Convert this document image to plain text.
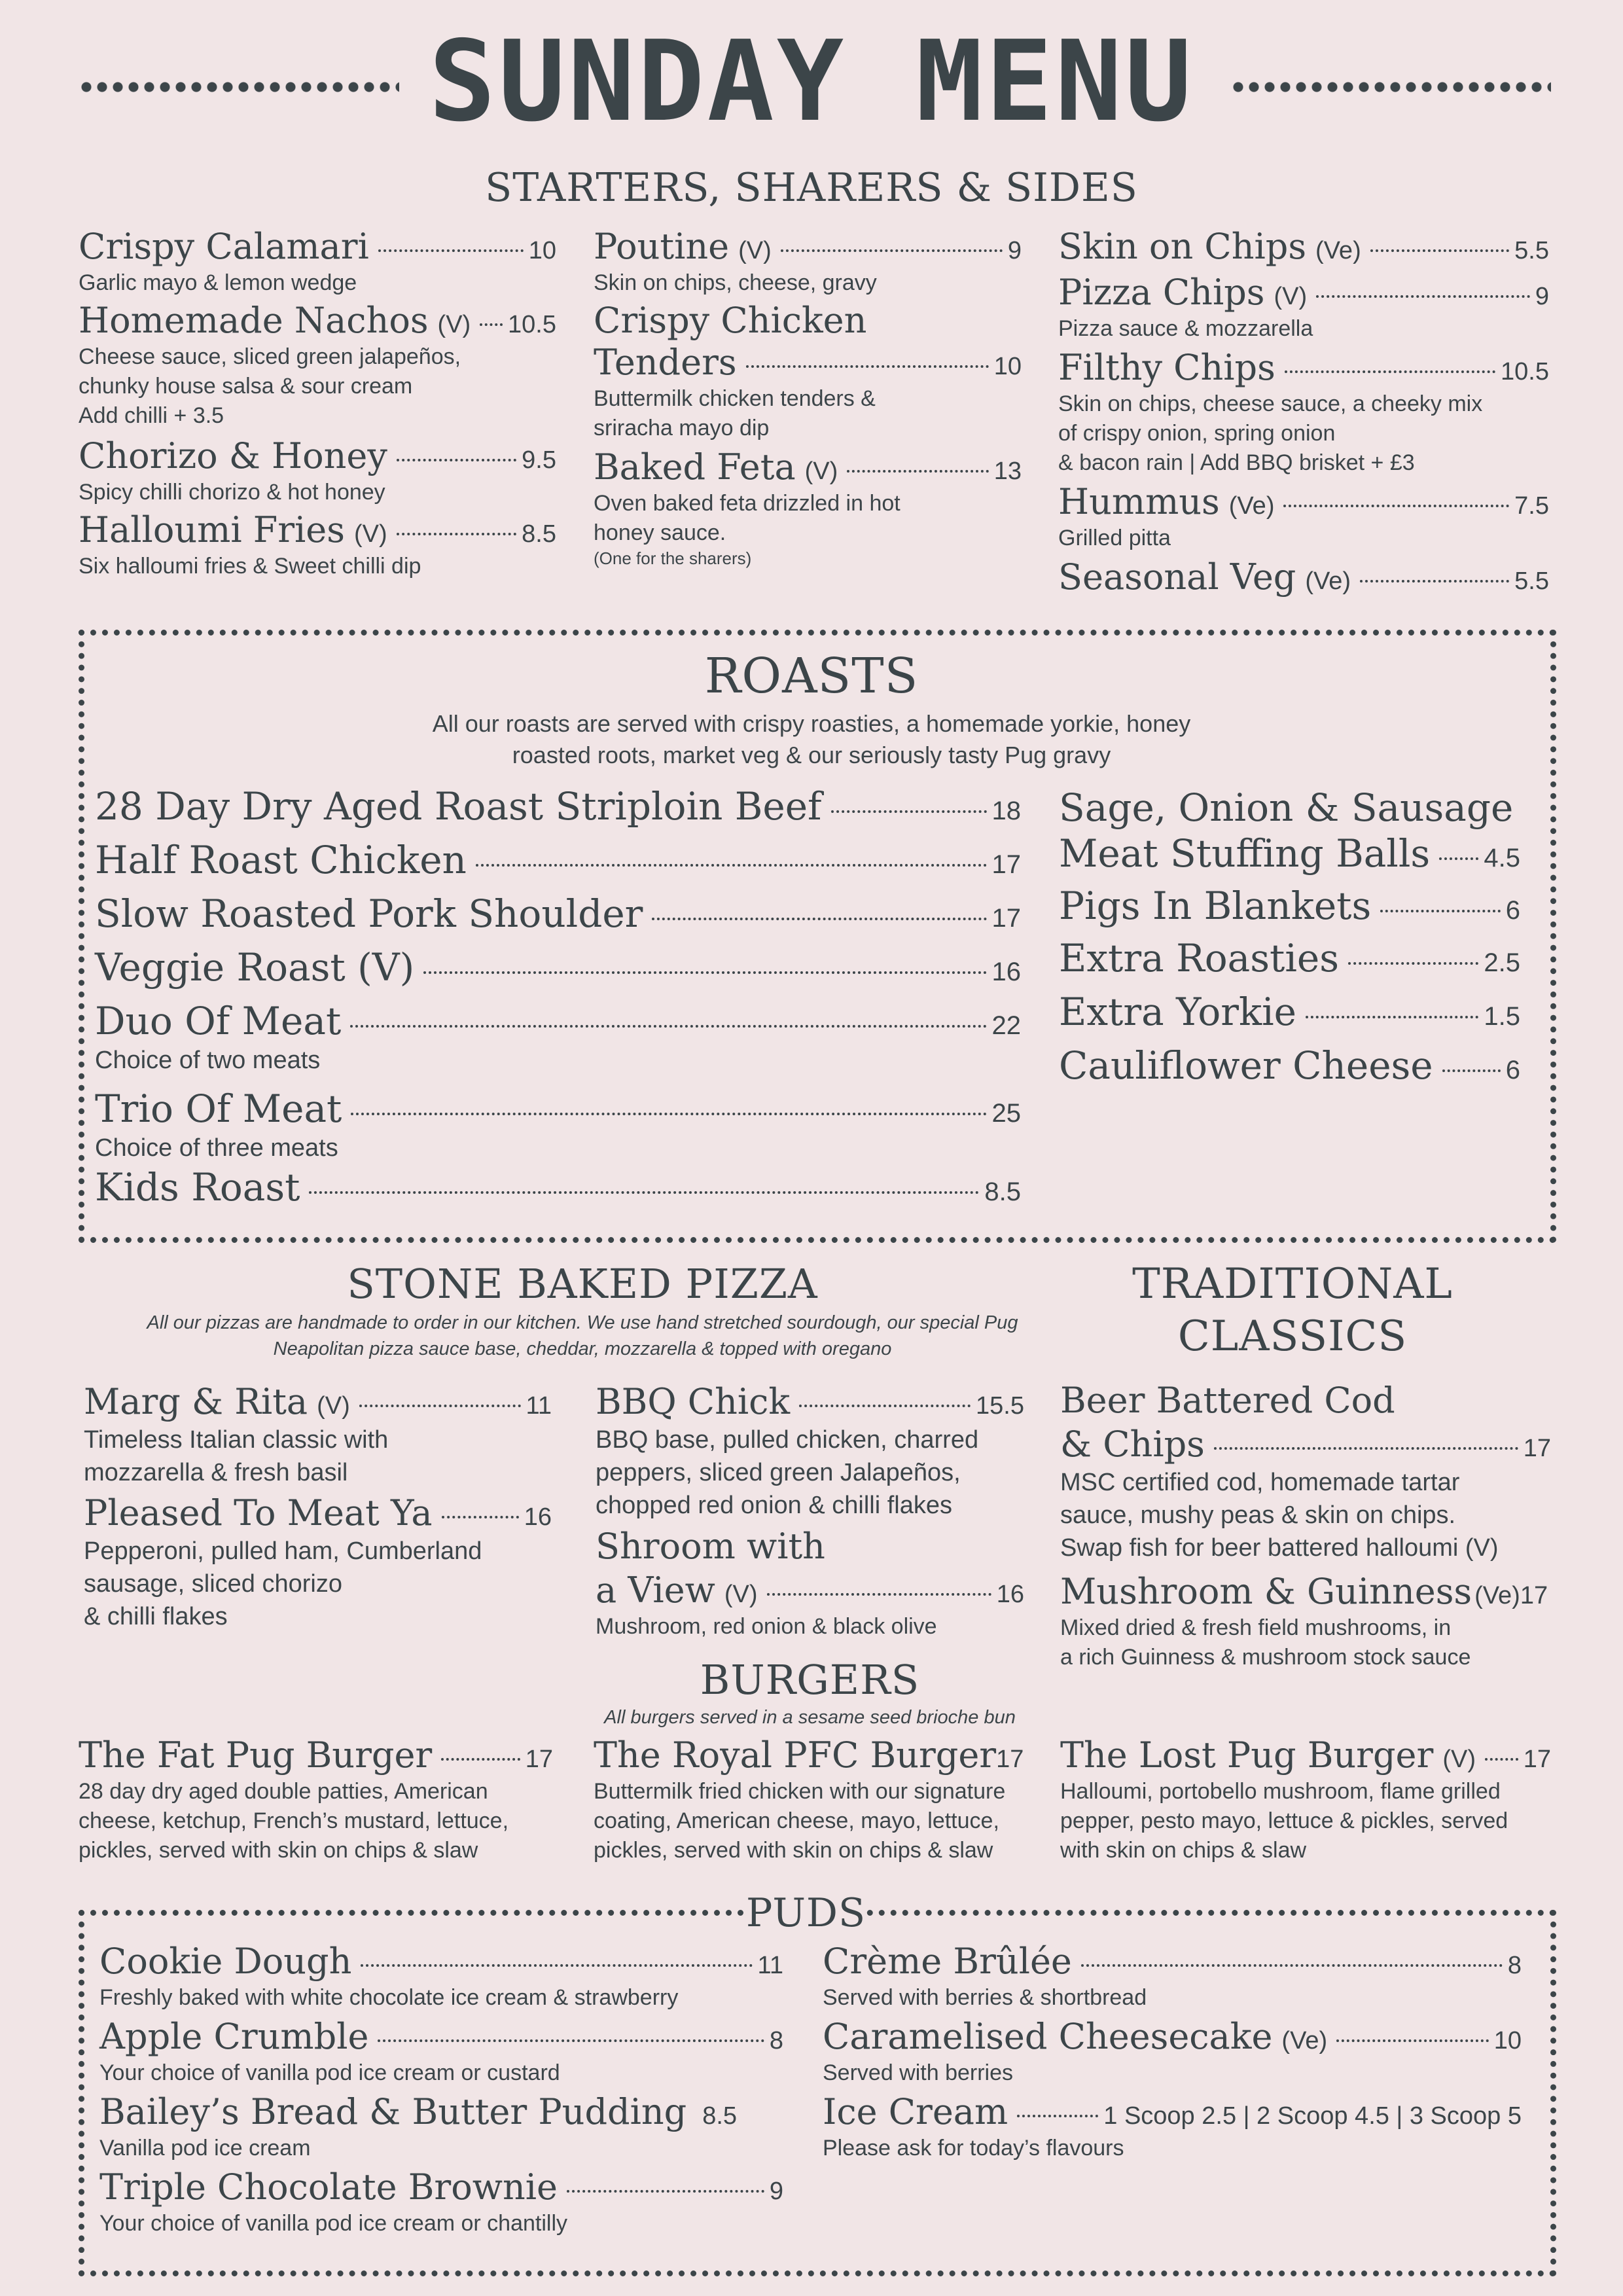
SUNDAY MENU
STARTERS, SHARERS & SIDES
Crispy Calamari	10
Garlic mayo & lemon wedge
Homemade Nachos (V) 10.5
Cheese sauce, sliced green jalapeños,
chunky house salsa & sour cream
Add chilli + 3.5
Chorizo & Honey	9.5
Spicy chilli chorizo & hot honey
Halloumi Fries (V)	8.5
Six halloumi fries & Sweet chilli dip
Poutine (V)	9
Skin on chips, cheese, gravy
Crispy Chicken
Tenders	10
Buttermilk chicken tenders &
sriracha mayo dip
Baked Feta (V)	13
Oven baked feta drizzled in hot
honey sauce.
(One for the sharers)
Skin on Chips (Ve)	5.5
Pizza Chips (V)	9
Pizza sauce & mozzarella
Filthy Chips	10.5
Skin on chips, cheese sauce, a cheeky mix
of crispy onion, spring onion
& bacon rain | Add BBQ brisket + £3
Hummus (Ve)	7.5
Grilled pitta
Seasonal Veg (Ve)	5.5
ROASTS
All our roasts are served with crispy roasties, a homemade yorkie, honey
roasted roots, market veg & our seriously tasty Pug gravy
28 Day Dry Aged Roast Striploin Beef	18
Half Roast Chicken	17
Slow Roasted Pork Shoulder	17
Veggie Roast (V)	16
Duo Of Meat	22
Choice of two meats
Trio Of Meat	25
Choice of three meats
Kids Roast	8.5
Sage, Onion & Sausage
Meat Stuffing Balls 4.5
Pigs In Blankets	6
Extra Roasties	2.5
Extra Yorkie	1.5
Cauliflower Cheese	6
STONE BAKED PIZZA
All our pizzas are handmade to order in our kitchen. We use hand stretched sourdough, our special Pug
Neapolitan pizza sauce base, cheddar, mozzarella & topped with oregano
Marg & Rita (V)	11
Timeless Italian classic with
mozzarella & fresh basil
Pleased To Meat Ya	16
Pepperoni, pulled ham, Cumberland
sausage, sliced chorizo
& chilli flakes
BBQ Chick	15.5
BBQ base, pulled chicken, charred
peppers, sliced green Jalapeños,
chopped red onion & chilli flakes
Shroom with
a View (V)	16
Mushroom, red onion & black olive
TRADITIONAL
CLASSICS
Beer Battered Cod
& Chips	17
MSC certified cod, homemade tartar
sauce, mushy peas & skin on chips.
Swap fish for beer battered halloumi (V)
Mushroom & Guinness (Ve) 17
Mixed dried & fresh field mushrooms, in
a rich Guinness & mushroom stock sauce
BURGERS
All burgers served in a sesame seed brioche bun
The Fat Pug Burger	17
28 day dry aged double patties, American
cheese, ketchup, French’s mustard, lettuce,
pickles, served with skin on chips & slaw
The Royal PFC Burger 17
Buttermilk fried chicken with our signature
coating, American cheese, mayo, lettuce,
pickles, served with skin on chips & slaw
The Lost Pug Burger (V) 17
Halloumi, portobello mushroom, flame grilled
pepper, pesto mayo, lettuce & pickles, served
with skin on chips & slaw
PUDS
Cookie Dough	11
Freshly baked with white chocolate ice cream & strawberry
Apple Crumble	8
Your choice of vanilla pod ice cream or custard
Bailey’s Bread & Butter Pudding 8.5
Vanilla pod ice cream
Triple Chocolate Brownie	9
Your choice of vanilla pod ice cream or chantilly
Crème Brûlée	8
Served with berries & shortbread
Caramelised Cheesecake (Ve)	10
Served with berries
Ice Cream	1 Scoop 2.5 | 2 Scoop 4.5 | 3 Scoop 5
Please ask for today’s flavours
